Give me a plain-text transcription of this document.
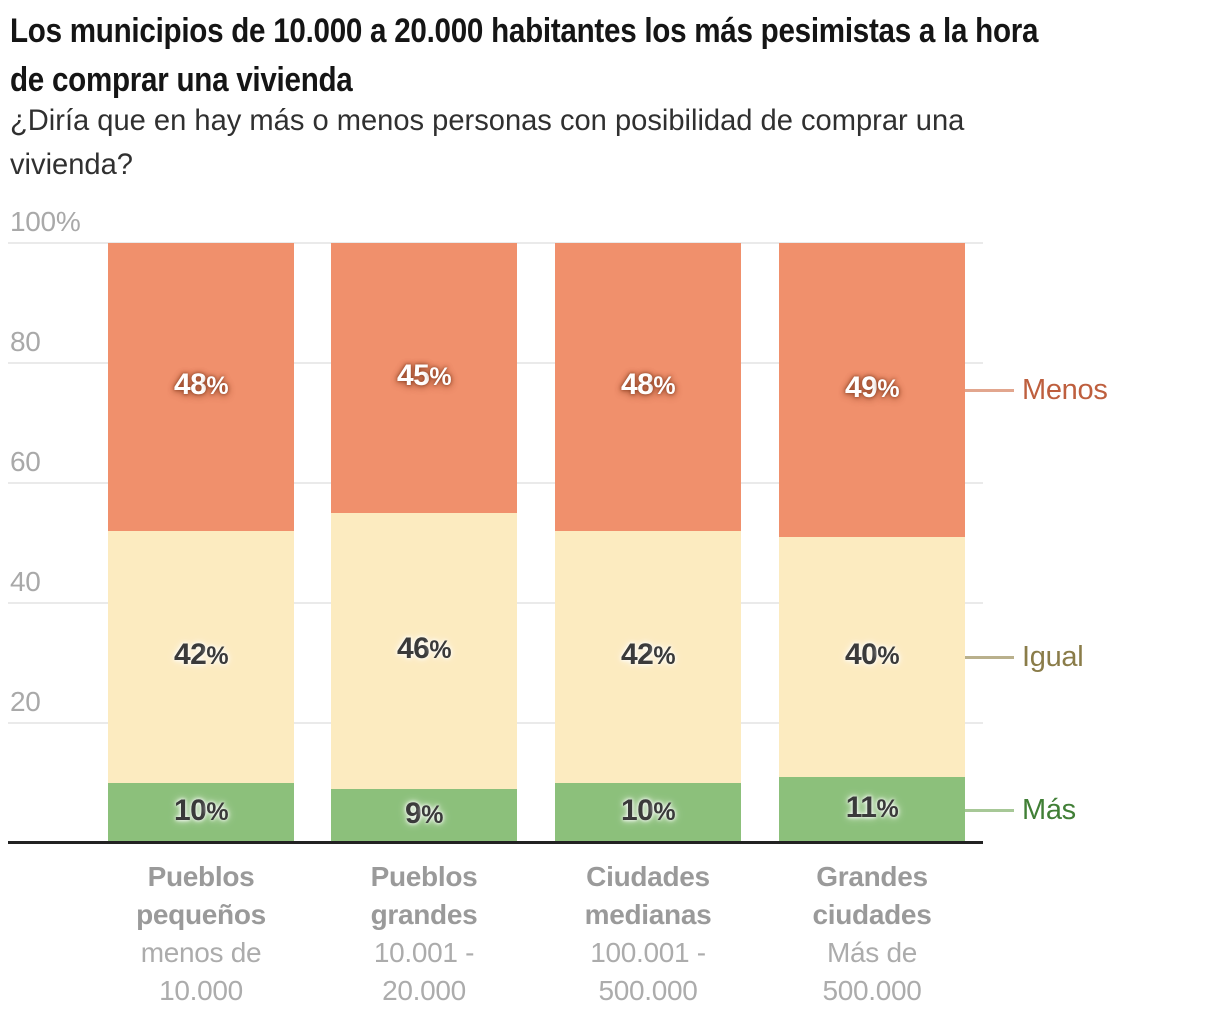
Los municipios de 10.000 a 20.000 habitantes los más pesimistas a la hora
de comprar una vivienda
¿Diría que en hay más o menos personas con posibilidad de comprar una
vivienda?
100%
80
60
40
20
10%
42%
48%
9%
46%
45%
10%
42%
48%
11%
40%
49%
Pueblos
pequeños
menos de
10.000
Pueblos
grandes
10.001 -
20.000
Ciudades
medianas
100.001 -
500.000
Grandes
ciudades
Más de
500.000
Menos
Igual
Más
